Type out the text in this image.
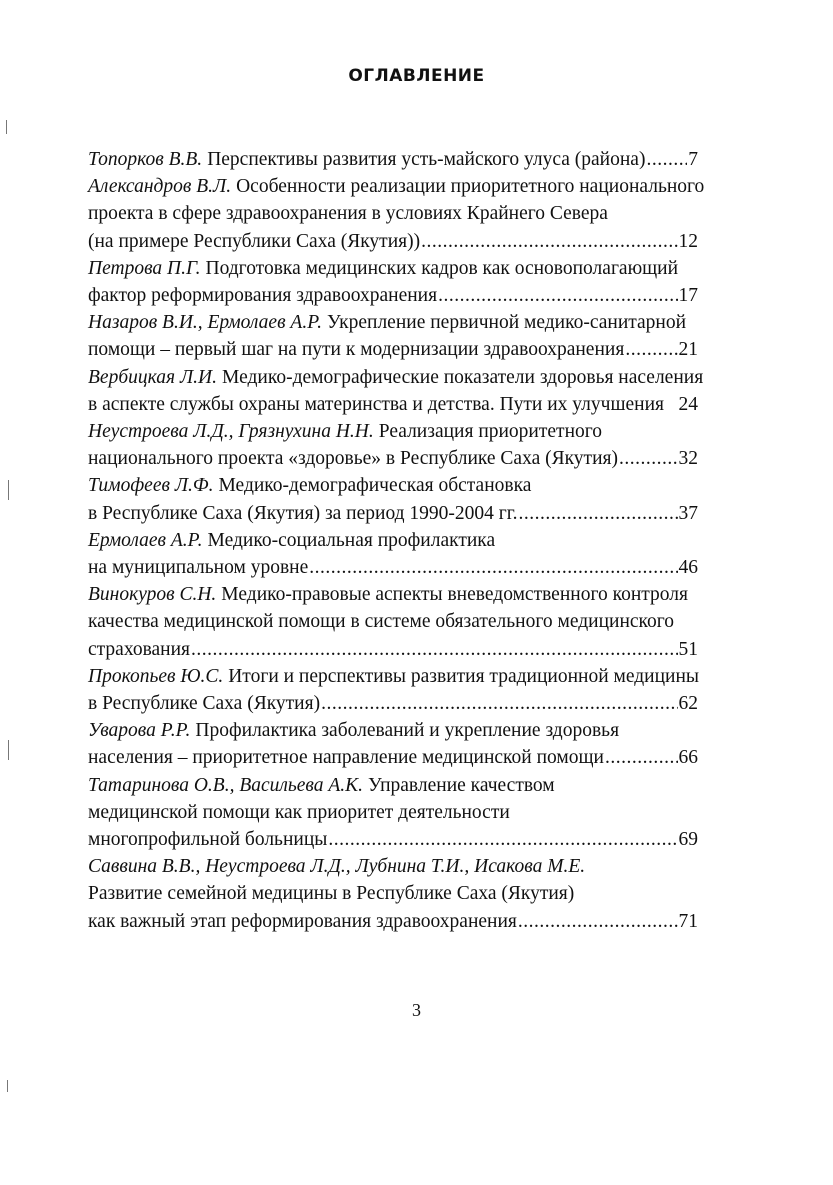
ОГЛАВЛЕНИЕ
Топорков В.В. Перспективы развития усть-майского улуса (района) ..... 7
Александров В.Л. Особенности реализации приоритетного национального
проекта в сфере здравоохранения в условиях Крайнего Севера
(на примере Республики Саха (Якутия)) .....	12
Петрова П.Г. Подготовка медицинских кадров как основополагающий
фактор реформирования здравоохранения .....	17
Назаров В.И., Ермолаев А.Р. Укрепление первичной медико-санитарной
помощи – первый шаг на пути к модернизации здравоохранения .....	21
Вербицкая Л.И. Медико-демографические показатели здоровья населения
в аспекте службы охраны материнства и детства. Пути их улучшения 24
Неустроева Л.Д., Грязнухина Н.Н. Реализация приоритетного
национального проекта «здоровье» в Республике Саха (Якутия) .....	32
Тимофеев Л.Ф. Медико-демографическая обстановка
в Республике Саха (Якутия) за период 1990-2004 гг. .....	37
Ермолаев А.Р. Медико-социальная профилактика
на муниципальном уровне .....	46
Винокуров С.Н. Медико-правовые аспекты вневедомственного контроля
качества медицинской помощи в системе обязательного медицинского
страхования .....	51
Прокопьев Ю.С. Итоги и перспективы развития традиционной медицины
в Республике Саха (Якутия) .....	62
Уварова Р.Р. Профилактика заболеваний и укрепление здоровья
населения – приоритетное направление медицинской помощи .....	66
Татаринова О.В., Васильева А.К. Управление качеством
медицинской помощи как приоритет деятельности
многопрофильной больницы .....	69
Саввина В.В., Неустроева Л.Д., Лубнина Т.И., Исакова М.Е.
Развитие семейной медицины в Республике Саха (Якутия)
как важный этап реформирования здравоохранения .....	71
3
